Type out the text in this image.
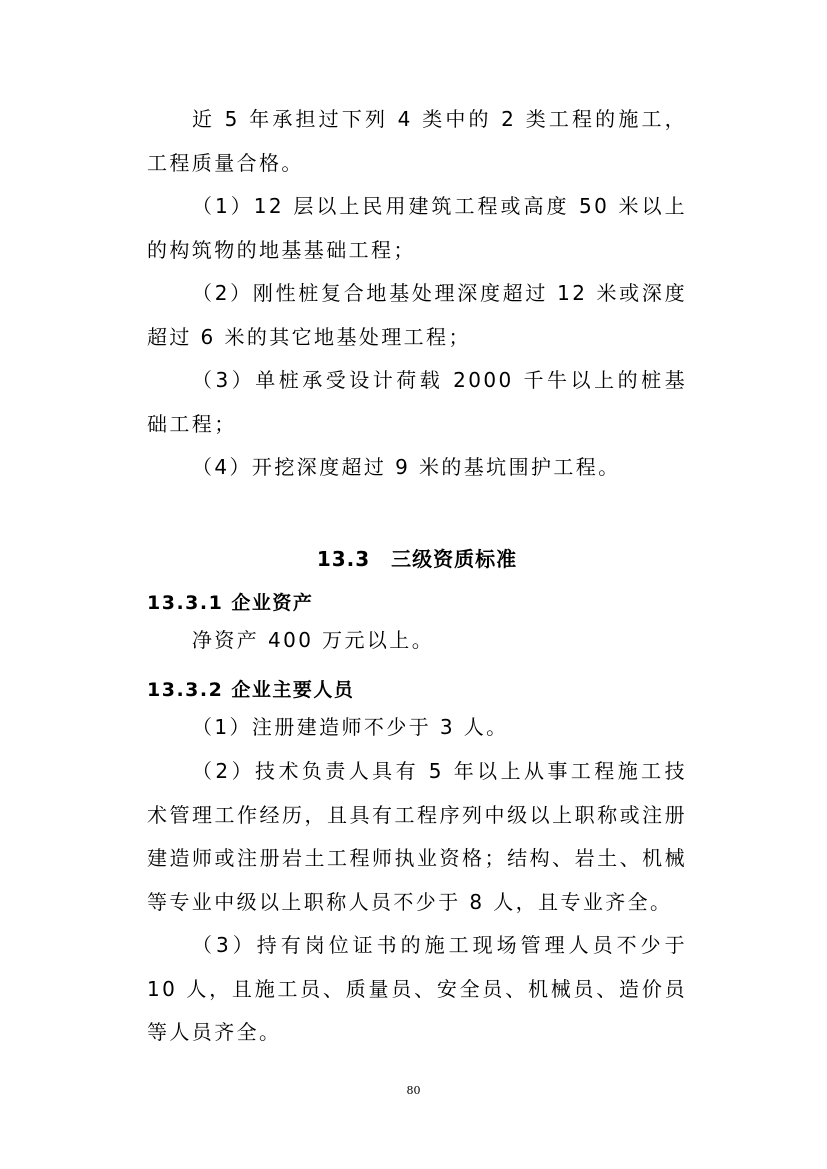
近 5 年承担过下列 4 类中的 2 类工程的施工，工程质量合格。

（1）12 层以上民用建筑工程或高度 50 米以上的构筑物的地基基础工程；

（2）刚性桩复合地基处理深度超过 12 米或深度超过 6 米的其它地基处理工程；

（3）单桩承受设计荷载 2000 千牛以上的桩基础工程；

（4）开挖深度超过 9 米的基坑围护工程。

13.3　三级资质标准
13.3.1 企业资产

净资产 400 万元以上。

13.3.2 企业主要人员

（1）注册建造师不少于 3 人。

（2）技术负责人具有 5 年以上从事工程施工技术管理工作经历，且具有工程序列中级以上职称或注册建造师或注册岩土工程师执业资格；结构、岩土、机械等专业中级以上职称人员不少于 8 人，且专业齐全。

（3）持有岗位证书的施工现场管理人员不少于 10 人，且施工员、质量员、安全员、机械员、造价员等人员齐全。

80
